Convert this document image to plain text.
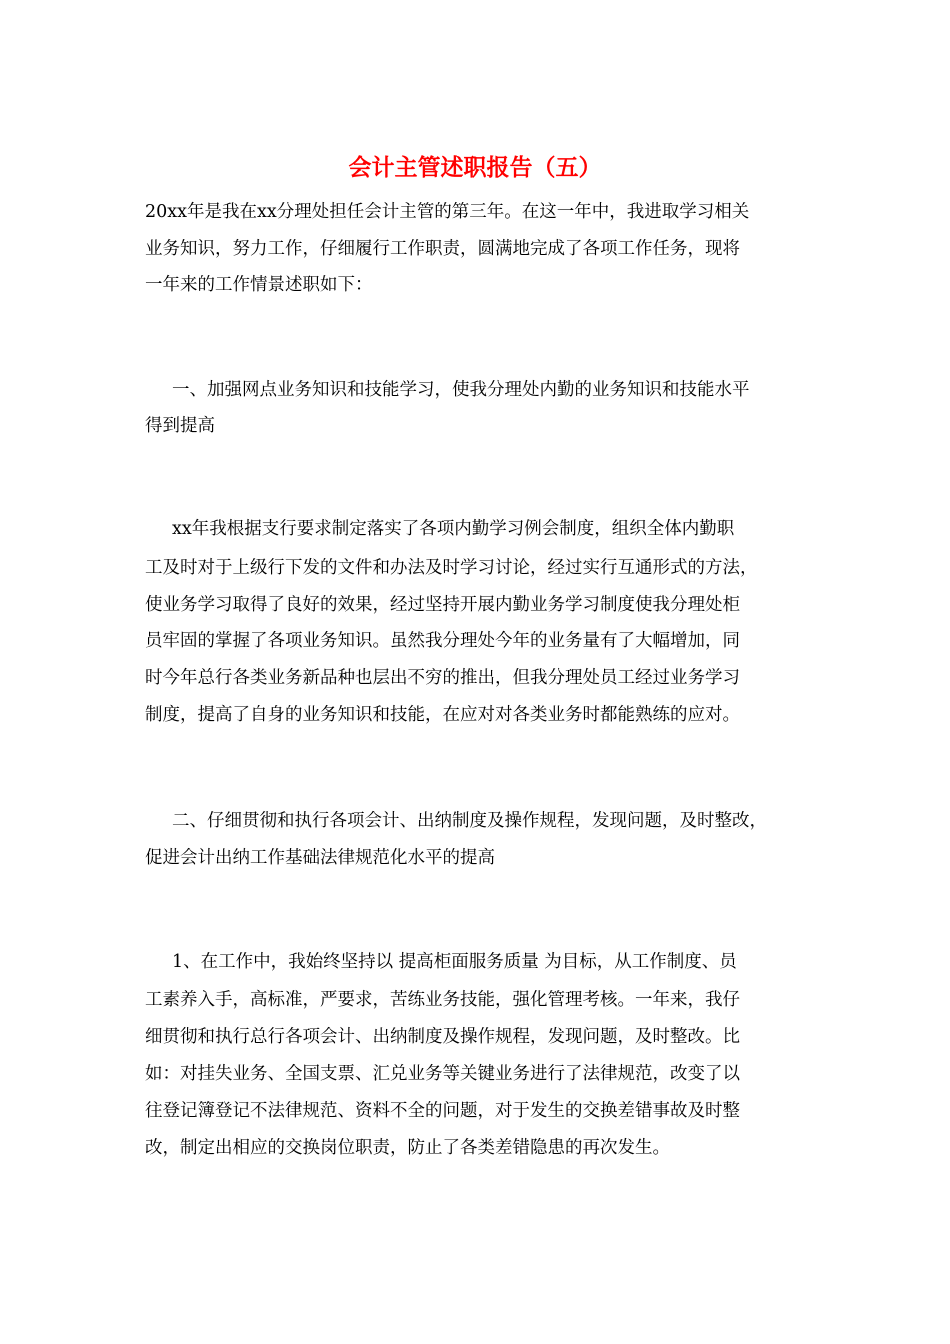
会计主管述职报告（五）
20xx年是我在xx分理处担任会计主管的第三年。在这一年中，我进取学习相关
业务知识，努力工作，仔细履行工作职责，圆满地完成了各项工作任务，现将
一年来的工作情景述职如下：
一、加强网点业务知识和技能学习，使我分理处内勤的业务知识和技能水平
得到提高
xx年我根据支行要求制定落实了各项内勤学习例会制度，组织全体内勤职
工及时对于上级行下发的文件和办法及时学习讨论，经过实行互通形式的方法，
使业务学习取得了良好的效果，经过坚持开展内勤业务学习制度使我分理处柜
员牢固的掌握了各项业务知识。虽然我分理处今年的业务量有了大幅增加，同
时今年总行各类业务新品种也层出不穷的推出，但我分理处员工经过业务学习
制度，提高了自身的业务知识和技能，在应对对各类业务时都能熟练的应对。
二、仔细贯彻和执行各项会计、出纳制度及操作规程，发现问题，及时整改，
促进会计出纳工作基础法律规范化水平的提高
1、在工作中，我始终坚持以 提高柜面服务质量 为目标，从工作制度、员
工素养入手，高标准，严要求，苦练业务技能，强化管理考核。一年来，我仔
细贯彻和执行总行各项会计、出纳制度及操作规程，发现问题，及时整改。比
如：对挂失业务、全国支票、汇兑业务等关键业务进行了法律规范，改变了以
往登记簿登记不法律规范、资料不全的问题，对于发生的交换差错事故及时整
改，制定出相应的交换岗位职责，防止了各类差错隐患的再次发生。
